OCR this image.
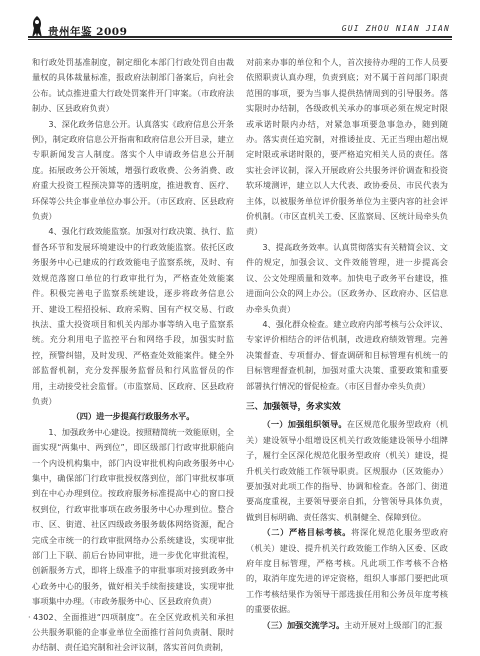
贵州年鉴 2009	GUI ZHOU NIAN JIAN

和行政处罚基准制度，制定细化本部门行政处罚自由裁量权的具体裁量标准，报政府法制部门备案后，向社会公布。试点推进重大行政处罚案件开门审案。（市政府法制办、区县政府负责）

3、深化政务信息公开。认真落实《政府信息公开条例》，制定政府信息公开指南和政府信息公开目录，建立专职新闻发言人制度。落实个人申请政务信息公开制度。拓展政务公开领域，增强行政收费、公务消费、政府重大投资工程预决算等的透明度，推进教育、医疗、环保等公共企事业单位办事公开。（市区政府、区县政府负责）

4、强化行政效能监察。加强对行政决策、执行、监督各环节和发展环境建设中的行政效能监察。依托区政务服务中心已建成的行政效能电子监察系统，及时、有效规范落窗口单位的行政审批行为，严格查处效能案件。积极完善电子监察系统建设，逐步将政务信息公开、建设工程招投标、政府采购、国有产权交易、行政执法、重大投资项目和机关内部办事等纳入电子监察系统。充分利用电子监控平台和网络手段，加强实时监控，预警纠错，及时发现、严格查处效能案件。健全外部监督机制，充分发挥服务监督员和行风监督员的作用，主动接受社会监督。（市监察局、区政府、区县政府负责）

（四）进一步提高行政服务水平。

1、加强政务中心建设。按照精简统一效能原则，全面实现“两集中、两到位”，即区级部门行政审批职能向一个内设机构集中，部门内设审批机构向政务服务中心集中，确保部门行政审批授权落到位，部门审批权事项到在中心办理到位。按政府服务标准提高中心的窗口授权到位，行政审批事项在政务服务中心办理到位。整合市、区、街道、社区四级政务服务载体网络资源，配合完成全市统一的行政审批网络办公系统建设，实现审批部门上下联、前后台协同审批，进一步优化审批流程，创新服务方式，即将上级准予的审批事项对接到政务中心政务中心的服务，做好相关手续衔接建设，实现审批事项集中办理。（市政务服务中心、区县政府负责）

2、全面推进“四项制度”。在全区党政机关和承担公共服务职能的企事业单位全面推行首问负责制、限时办结制、责任追究制和社会评议制，落实首问负责制，

对前来办事的单位和个人，首次接待办理的工作人员要依照职责认真办理，负责到底；对不属于首问部门职责范围的事项，要为当事人提供热情周到的引导服务。落实限时办结制，各级政机关承办的事项必须在规定时限或承诺时限内办结，对紧急事项要急事急办，随到随办。落实责任追究制，对推诿扯皮、无正当理由超出规定时限或承诺时限的，要严格追究相关人员的责任。落实社会评议制，深入开展政府公共服务评价调查和投资软环境测评，建立以人大代表、政协委员、市民代表为主体，以被服务单位评价服务单位为主要内容的社会评价机制。（市区直机关工委、区监察局、区统计局牵头负责）

3、提高政务效率。认真贯彻落实有关精简会议、文件的规定，加强会议、文件效能管理，进一步提高会议、公文处理质量和效率。加快电子政务平台建设，推进面向公众的网上办公。（区政务办、区政府办、区信息办牵头负责）

4、强化群众检查。建立政府内部考核与公众评议、专家评价相结合的评估机制，改进政府绩效管理。完善决策督查、专项督办、督查调研和目标管理有机统一的目标管理督查机制，加强对重大决策、重要政策和重要部署执行情况的督促检查。（市区目督办牵头负责）

三、加强领导，务求实效

（一）加强组织领导。在区规范化服务型政府（机关）建设领导小组增设区机关行政效能建设领导小组牌子，履行全区深化规范化服务型政府（机关）建设，提升机关行政效能工作领导职责。区规服办（区效能办）要加强对此项工作的指导、协调和检查。各部门、街道要高度重视，主要领导要亲自抓，分管领导具体负责，做到目标明确、责任落实、机制健全、保障到位。

（二）严格目标考核。将深化规范化服务型政府（机关）建设、提升机关行政效能工作纳入区委、区政府年度目标管理，严格考核。凡此项工作考核不合格的，取消年度先进的评定资格，组织人事部门要把此项工作考核结果作为领导干部选拔任用和公务员年度考核的重要依据。

（三）加强交流学习。主动开展对上级部门的汇报

· 430 ·
